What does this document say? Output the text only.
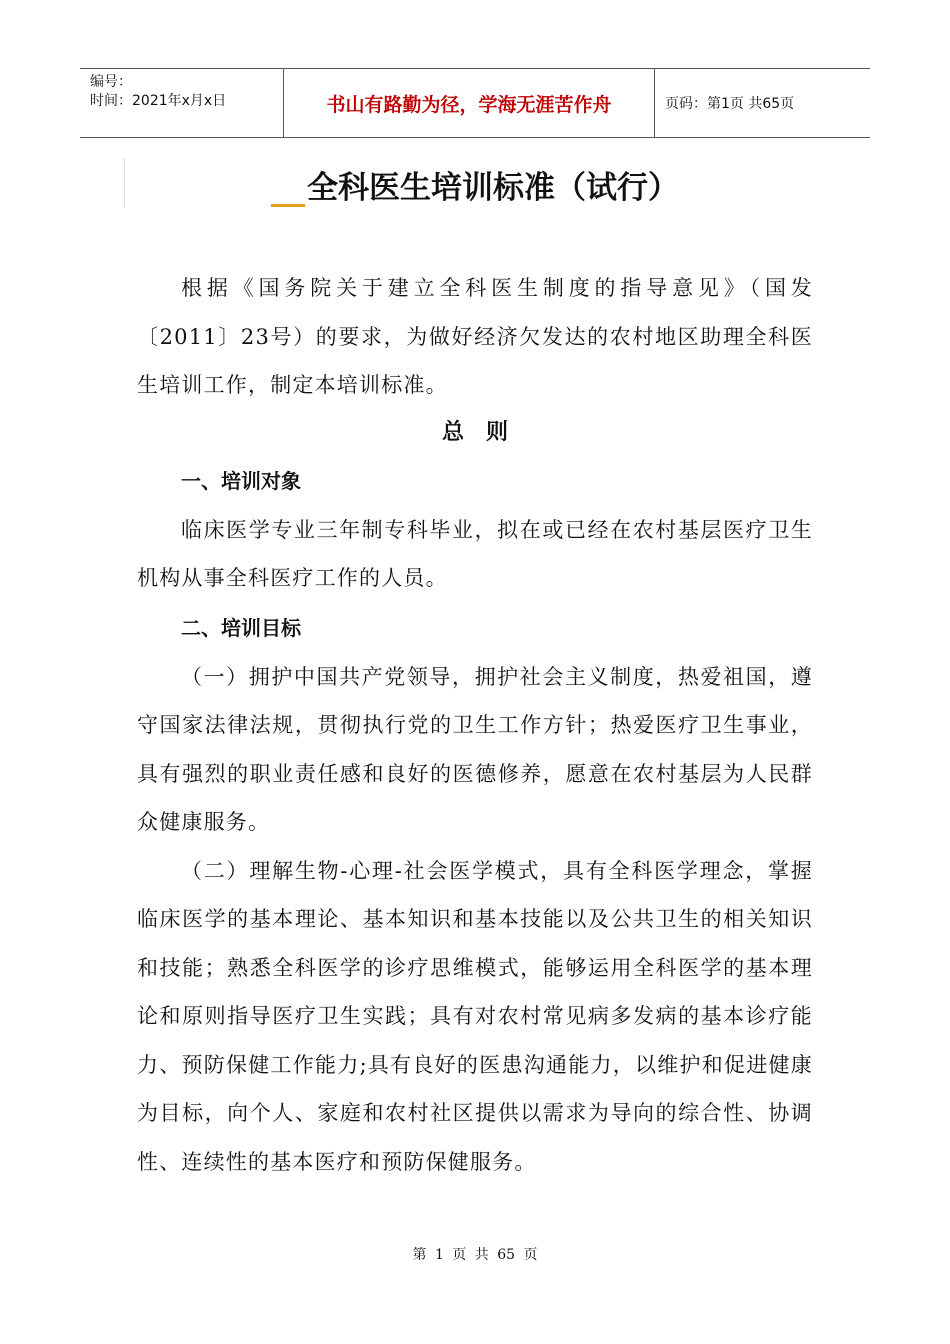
编号：
时间：2021年x月x日	书山有路勤为径，学海无涯苦作舟	页码：第1页 共65页
全科医生培训标准（试行）

根据《国务院关于建立全科医生制度的指导意见》（国发〔2011〕23号）的要求，为做好经济欠发达的农村地区助理全科医生培训工作，制定本培训标准。

总则

一、培训对象

临床医学专业三年制专科毕业，拟在或已经在农村基层医疗卫生机构从事全科医疗工作的人员。

二、培训目标

（一）拥护中国共产党领导，拥护社会主义制度，热爱祖国，遵守国家法律法规，贯彻执行党的卫生工作方针；热爱医疗卫生事业，具有强烈的职业责任感和良好的医德修养，愿意在农村基层为人民群众健康服务。

（二）理解生物-心理-社会医学模式，具有全科医学理念，掌握临床医学的基本理论、基本知识和基本技能以及公共卫生的相关知识和技能；熟悉全科医学的诊疗思维模式，能够运用全科医学的基本理论和原则指导医疗卫生实践；具有对农村常见病多发病的基本诊疗能力、预防保健工作能力;具有良好的医患沟通能力，以维护和促进健康为目标，向个人、家庭和农村社区提供以需求为导向的综合性、协调性、连续性的基本医疗和预防保健服务。

第 1 页 共 65 页
